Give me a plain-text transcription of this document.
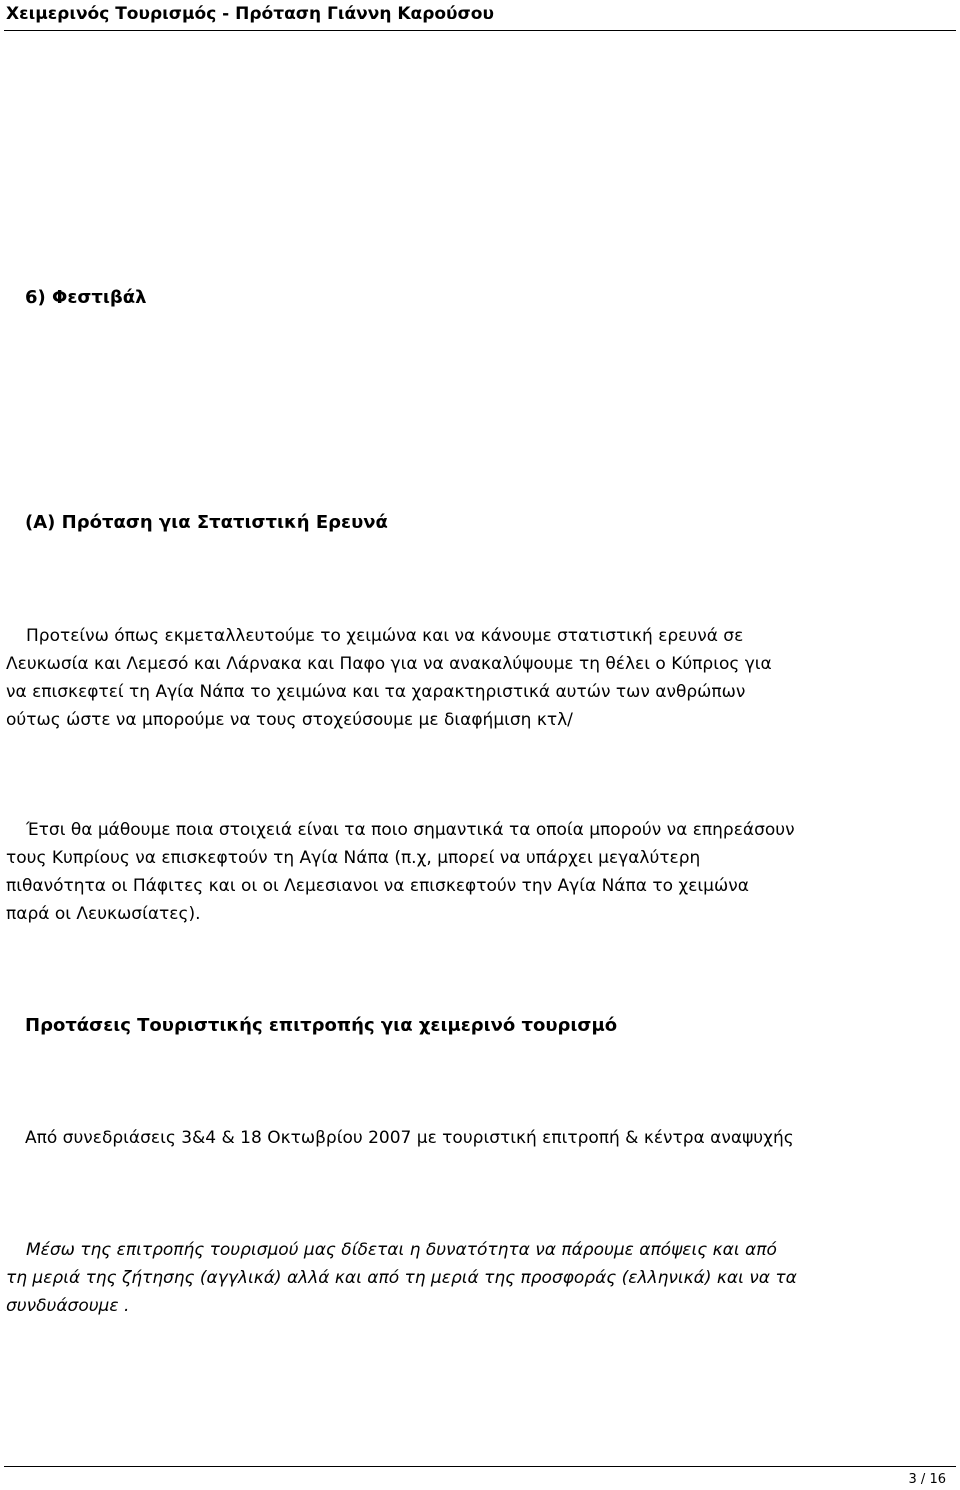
Χειμερινός Τουρισμός - Πρόταση Γιάννη Καρούσου
6) Φεστιβάλ
(Α) Πρόταση για Στατιστική Ερευνά
Προτείνω όπως εκμεταλλευτούμε το χειμώνα και να κάνουμε στατιστική ερευνά σε
Λευκωσία και Λεμεσό και Λάρνακα και Παφο για να ανακαλύψουμε τη θέλει ο Κύπριος για
να επισκεφτεί τη Αγία Νάπα το χειμώνα και τα χαρακτηριστικά αυτών των ανθρώπων
ούτως ώστε να μπορούμε να τους στοχεύσουμε με διαφήμιση κτλ/
Έτσι θα μάθουμε ποια στοιχειά είναι τα ποιο σημαντικά τα οποία μπορούν να επηρεάσουν
τους Κυπρίους να επισκεφτούν τη Αγία Νάπα (π.χ, μπορεί να υπάρχει μεγαλύτερη
πιθανότητα οι Πάφιτες και οι οι Λεμεσιανοι να επισκεφτούν την Αγία Νάπα το χειμώνα
παρά οι Λευκωσίατες).
Προτάσεις Τουριστικής επιτροπής για χειμερινό τουρισμό
Από συνεδριάσεις 3&4 & 18 Οκτωβρίου 2007 με τουριστική επιτροπή & κέντρα αναψυχής
Μέσω της επιτροπής τουρισμού μας δίδεται η δυνατότητα να πάρουμε απόψεις και από
τη μεριά της ζήτησης (αγγλικά) αλλά και από τη μεριά της προσφοράς (ελληνικά) και να τα
συνδυάσουμε .
3 / 16
